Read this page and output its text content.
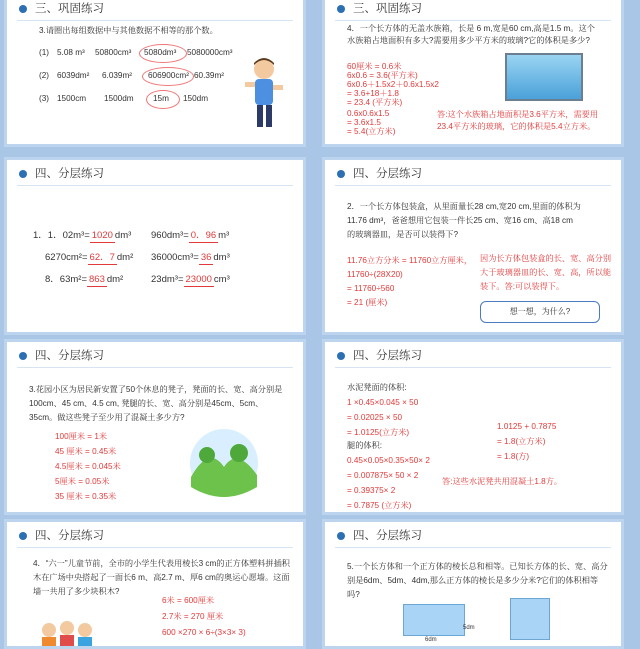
三、巩固练习
3.请圈出每组数据中与其他数据不相等的那个数。
(1) 5.08 m³ 50800cm³ 5080dm³ 5080000cm³
(2) 6039dm² 6.039m² 606900cm² 60.39m²
(3) 1500cm 1500dm 15m 150dm
三、巩固练习
4．一个长方体的无盖水族箱，长是 6 m,宽是60 cm,高是1.5 m。这个
水族箱占地面积有多大?需要用多少平方米的玻璃?它的体积是多少?
60厘米 = 0.6米
6x0.6 = 3.6(平方米)
6x0.6＋1.5x2＋0.6x1.5x2
= 3.6+18＋1.8
= 23.4 (平方米)
0.6x0.6x1.5
= 3.6x1.5
= 5.4(立方米)
答:这个水族箱占地面积是3.6平方米，需要用
23.4平方米的玻璃，它的体积是5.4立方米。
四、分层练习
1．1．02m³= 1020 dm³ 960dm³= 0．96 m³
6270cm²= 62．7 dm² 36000cm³= 36 dm³
8．63m²= 863 dm²	23dm³= 23000 cm³
四、分层练习
2．一个长方体包装盒，从里面量长28 cm,宽20 cm,里面的体积为
11.76 dm³，爸爸想用它包装一件长25 cm、宽16 cm、高18 cm
的玻璃器皿，是否可以装得下?
11.76立方分米 = 11760立方厘米，
11760÷(28X20)
= 11760÷560
= 21 (厘米)
因为长方体包装盒的长、宽、高分别
大于玻璃器皿的长、宽、高，所以能
装下。答:可以装得下。
想一想，为什么?
四、分层练习
3.花园小区为居民新安置了50个休息的凳子，凳面的长、宽、高分别是
100cm、45 cm、4.5 cm, 凳腿的长、宽、高分别是45cm、5cm、
35cm。做这些凳子至少用了混凝土多少方?
100厘米 = 1米
45 厘米 = 0.45米
4.5厘米 = 0.045米
5厘米 = 0.05米
35 厘米 = 0.35米
四、分层练习
水泥凳面的体积:
1 ×0.45×0.045 × 50
= 0.02025 × 50
= 1.0125(立方米)
腿的体积:
0.45×0.05×0.35×50× 2
= 0.007875× 50 × 2
= 0.39375× 2
= 0.7875 (立方米)
1.0125 + 0.7875
= 1.8(立方米)
= 1.8(方)
答:这些水泥凳共用混凝土1.8方。
四、分层练习
4．“六一”儿童节前，全市的小学生代表用棱长3 cm的正方体塑料拼插积
木在广场中央搭起了一面长6 m、高2.7 m、厚6 cm的奥运心愿墙。这面
墙一共用了多少块积木?
6米 = 600厘米
2.7米 = 270 厘米
600 ×270 × 6÷(3×3× 3)
四、分层练习
5.一个长方体和一个正方体的棱长总和相等。已知长方体的长、宽、高分
别是6dm、5dm、4dm,那么正方体的棱长是多少分米?它们的体积相等
吗?
5dm
6dm
